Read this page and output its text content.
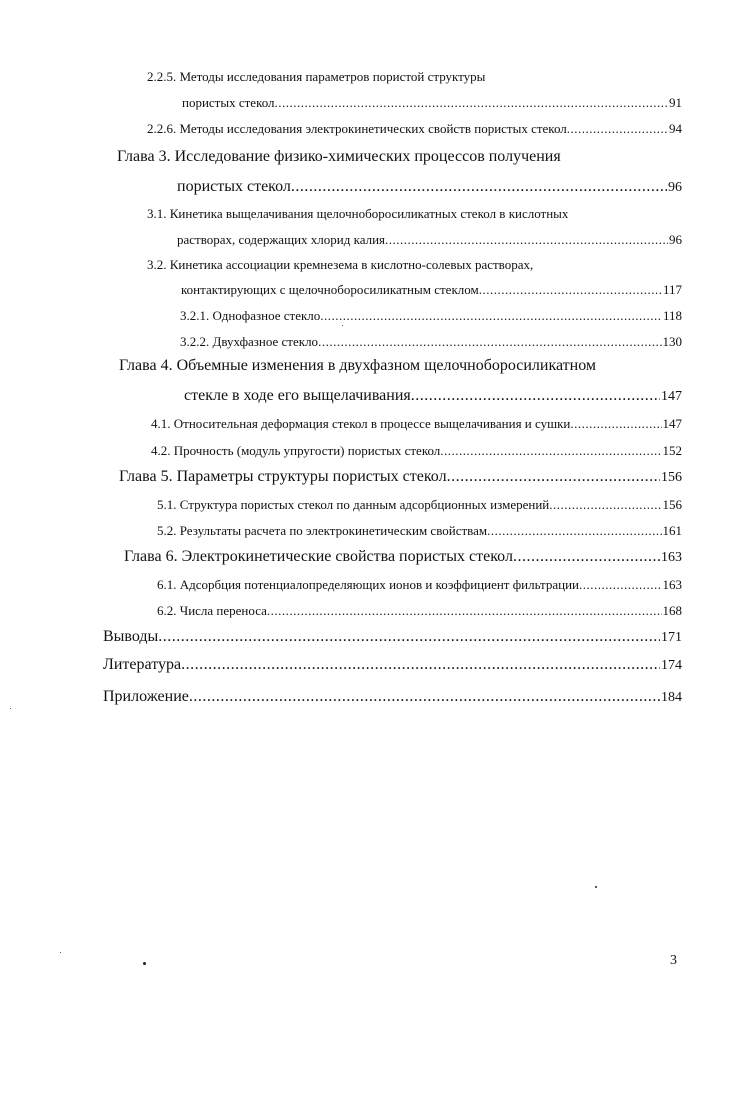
2.2.5. Методы исследования параметров пористой структуры
пористых стекол .....	91
2.2.6. Методы исследования электрокинетических свойств пористых стекол .....	94
Глава 3. Исследование физико-химических процессов получения
пористых стекол .....	96
3.1. Кинетика выщелачивания щелочноборосиликатных стекол в кислотных
растворах, содержащих хлорид калия .....	96
3.2. Кинетика ассоциации кремнезема в кислотно-солевых растворах,
контактирующих с щелочноборосиликатным стеклом .....	117
3.2.1. Однофазное стекло .....	118
3.2.2. Двухфазное стекло .....	130
Глава 4. Объемные изменения в двухфазном щелочноборосиликатном
стекле в ходе его выщелачивания .....	147
4.1. Относительная деформация стекол в процессе выщелачивания и сушки .....	147
4.2. Прочность (модуль упругости) пористых стекол .....	152
Глава 5. Параметры структуры пористых стекол .....	156
5.1. Структура пористых стекол по данным адсорбционных измерений .....	156
5.2. Результаты расчета по электрокинетическим свойствам .....	161
Глава 6. Электрокинетические свойства пористых стекол .....	163
6.1. Адсорбция потенциалопределяющих ионов и коэффициент фильтрации .....	163
6.2. Числа переноса .....	168
Выводы .....	171
Литература .....	174
Приложение .....	184
3
